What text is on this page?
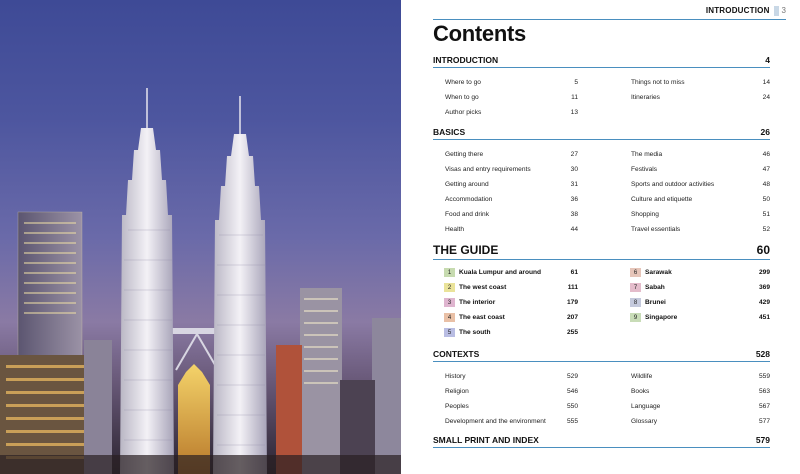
INTRODUCTION 3
Contents
INTRODUCTION	4
Where to go	5
When to go	11
Author picks	13
Things not to miss	14
Itineraries	24
BASICS	26
Getting there	27
Visas and entry requirements	30
Getting around	31
Accommodation	36
Food and drink	38
Health	44
The media	46
Festivals	47
Sports and outdoor activities	48
Culture and etiquette	50
Shopping	51
Travel essentials	52
THE GUIDE	60
1	Kuala Lumpur and around	61
2	The west coast	111
3	The interior	179
4	The east coast	207
5	The south	255
6	Sarawak	299
7	Sabah	369
8	Brunei	429
9	Singapore	451
CONTEXTS	528
History	529
Religion	546
Peoples	550
Development and the environment	555
Wildlife	559
Books	563
Language	567
Glossary	577
SMALL PRINT AND INDEX	579
